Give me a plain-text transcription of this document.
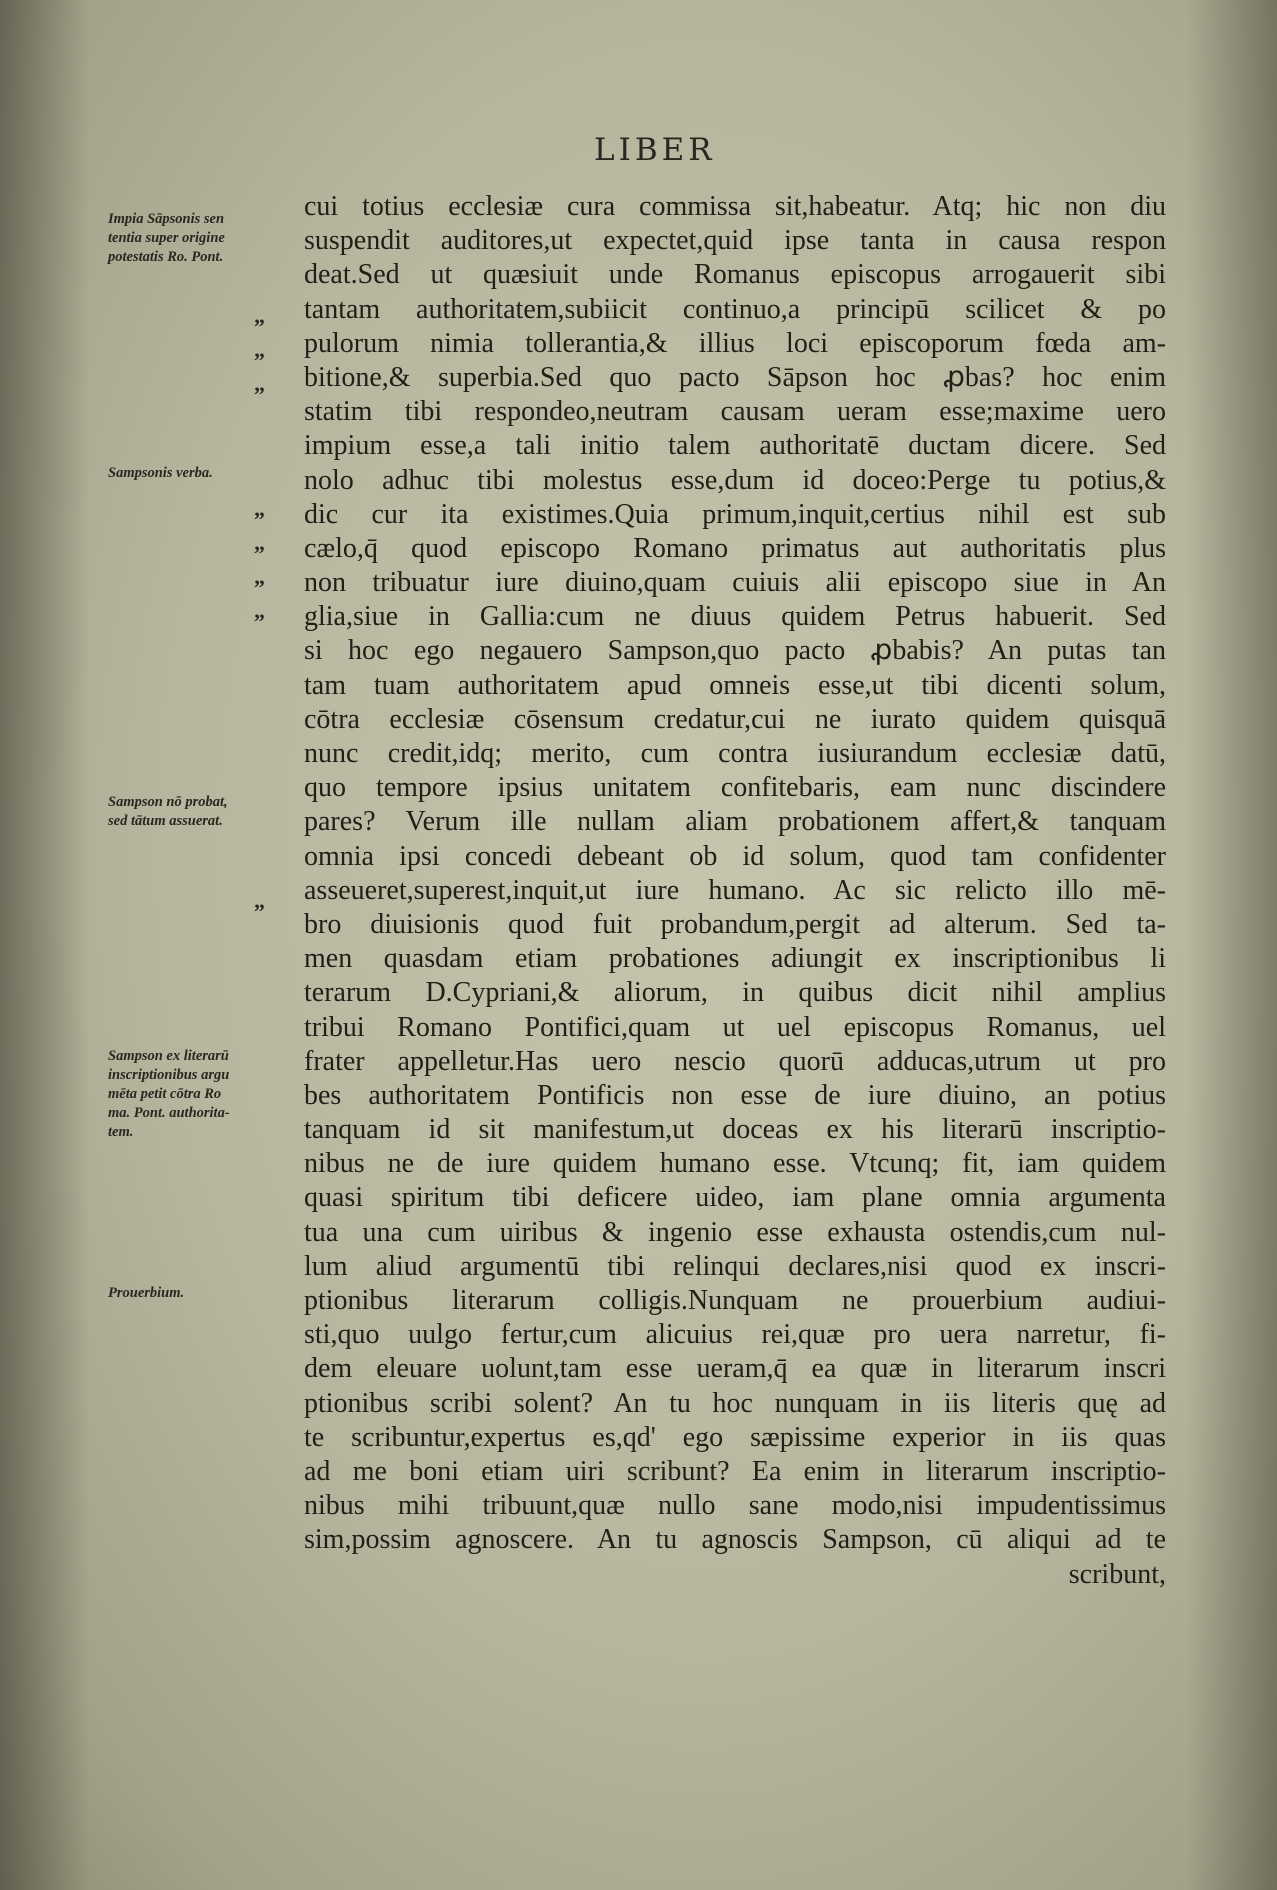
LIBER
Impia Sāpsonis sen
tentia super origine
potestatis Ro. Pont.
Sampsonis verba.
Sampson nō probat,
sed tātum assuerat.
Sampson ex literarū
inscriptionibus argu
mēta petit cōtra Ro
ma. Pont. authorita-
tem.
Prouerbium.
„
„
„
„
„
„
„
„
cui totius ecclesiæ cura commissa sit,habeatur. Atq; hic non diu
suspendit auditores,ut expectet,quid ipse tanta in causa respon
deat.Sed ut quæsiuit unde Romanus episcopus arrogauerit sibi
tantam authoritatem,subiicit continuo,a principū scilicet & po
pulorum nimia tollerantia,& illius loci episcoporum fœda am-
bitione,& superbia.Sed quo pacto Sāpson hoc ꝓbas? hoc enim
statim tibi respondeo,neutram causam ueram esse;maxime uero
impium esse,a tali initio talem authoritatē ductam dicere. Sed
nolo adhuc tibi molestus esse,dum id doceo:Perge tu potius,&
dic cur ita existimes.Quia primum,inquit,certius nihil est sub
cælo,q̄ quod episcopo Romano primatus aut authoritatis plus
non tribuatur iure diuino,quam cuiuis alii episcopo siue in An
glia,siue in Gallia:cum ne diuus quidem Petrus habuerit. Sed
si hoc ego negauero Sampson,quo pacto ꝓbabis? An putas tan
tam tuam authoritatem apud omneis esse,ut tibi dicenti solum,
cōtra ecclesiæ cōsensum credatur,cui ne iurato quidem quisquā
nunc credit,idq; merito, cum contra iusiurandum ecclesiæ datū,
quo tempore ipsius unitatem confitebaris, eam nunc discindere
pares? Verum ille nullam aliam probationem affert,& tanquam
omnia ipsi concedi debeant ob id solum, quod tam confidenter
asseueret,superest,inquit,ut iure humano. Ac sic relicto illo mē-
bro diuisionis quod fuit probandum,pergit ad alterum. Sed ta-
men quasdam etiam probationes adiungit ex inscriptionibus li
terarum D.Cypriani,& aliorum, in quibus dicit nihil amplius
tribui Romano Pontifici,quam ut uel episcopus Romanus, uel
frater appelletur.Has uero nescio quorū adducas,utrum ut pro
bes authoritatem Pontificis non esse de iure diuino, an potius
tanquam id sit manifestum,ut doceas ex his literarū inscriptio-
nibus ne de iure quidem humano esse. Vtcunq; fit, iam quidem
quasi spiritum tibi deficere uideo, iam plane omnia argumenta
tua una cum uiribus & ingenio esse exhausta ostendis,cum nul-
lum aliud argumentū tibi relinqui declares,nisi quod ex inscri-
ptionibus literarum colligis.Nunquam ne prouerbium audiui-
sti,quo uulgo fertur,cum alicuius rei,quæ pro uera narretur, fi-
dem eleuare uolunt,tam esse ueram,q̄ ea quæ in literarum inscri
ptionibus scribi solent? An tu hoc nunquam in iis literis quę ad
te scribuntur,expertus es,qd' ego sæpissime experior in iis quas
ad me boni etiam uiri scribunt? Ea enim in literarum inscriptio-
nibus mihi tribuunt,quæ nullo sane modo,nisi impudentissimus
sim,possim agnoscere. An tu agnoscis Sampson, cū aliqui ad te
scribunt,
